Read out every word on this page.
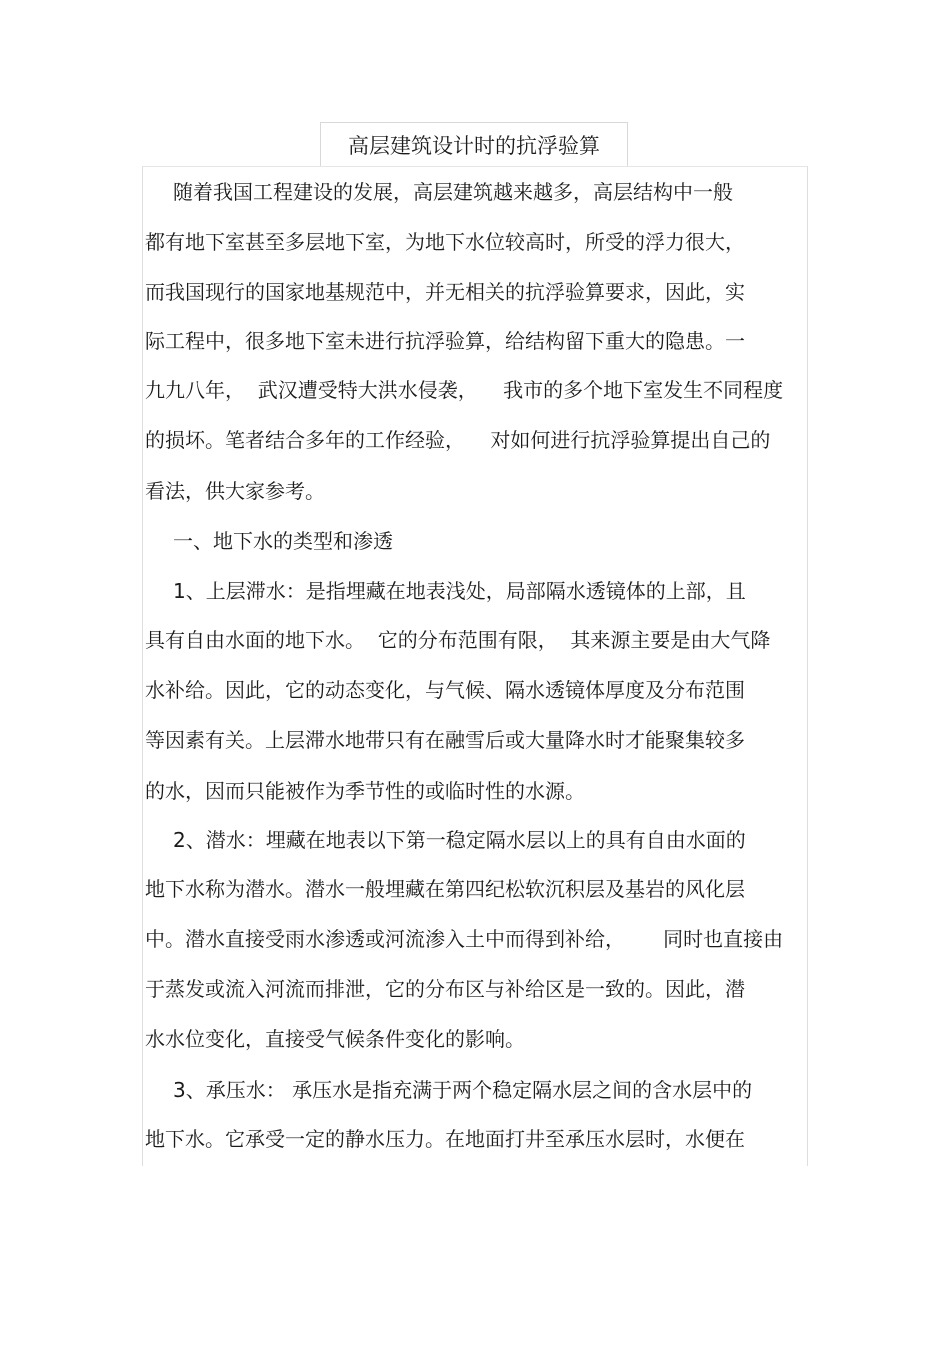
高层建筑设计时的抗浮验算
随着我国工程建设的发展，高层建筑越来越多，高层结构中一般
都有地下室甚至多层地下室，为地下水位较高时，所受的浮力很大，
而我国现行的国家地基规范中，并无相关的抗浮验算要求，因此，实
际工程中，很多地下室未进行抗浮验算，给结构留下重大的隐患。一
九九八年，  武汉遭受特大洪水侵袭，    我市的多个地下室发生不同程度
的损坏。笔者结合多年的工作经验，    对如何进行抗浮验算提出自己的
看法，供大家参考。
一、地下水的类型和渗透
1、上层滞水：是指埋藏在地表浅处，局部隔水透镜体的上部，且
具有自由水面的地下水。  它的分布范围有限，  其来源主要是由大气降
水补给。因此，它的动态变化，与气候、隔水透镜体厚度及分布范围
等因素有关。上层滞水地带只有在融雪后或大量降水时才能聚集较多
的水，因而只能被作为季节性的或临时性的水源。
2、潜水：埋藏在地表以下第一稳定隔水层以上的具有自由水面的
地下水称为潜水。潜水一般埋藏在第四纪松软沉积层及基岩的风化层
中。潜水直接受雨水渗透或河流渗入土中而得到补给，      同时也直接由
于蒸发或流入河流而排泄，它的分布区与补给区是一致的。因此，潜
水水位变化，直接受气候条件变化的影响。
3、承压水： 承压水是指充满于两个稳定隔水层之间的含水层中的
地下水。它承受一定的静水压力。在地面打井至承压水层时，水便在
